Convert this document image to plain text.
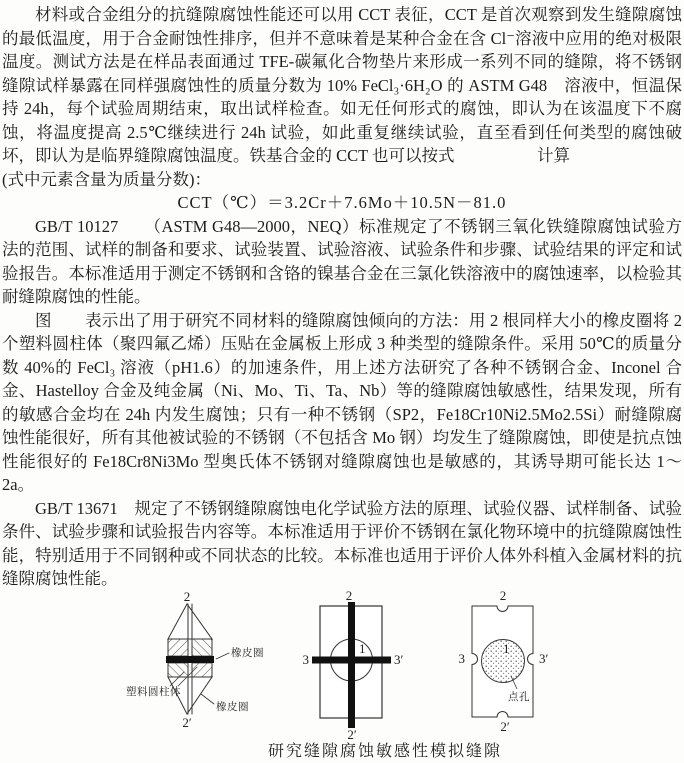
材料或合金组分的抗缝隙腐蚀性能还可以用 CCT 表征，CCT 是首次观察到发生缝隙腐蚀的最低温度，用于合金耐蚀性排序，但并不意味着是某种合金在含 Cl⁻溶液中应用的绝对极限温度。测试方法是在样品表面通过 TFE-碳氟化合物垫片来形成一系列不同的缝隙，将不锈钢缝隙试样暴露在同样强腐蚀性的质量分数为 10% FeCl₃·6H₂O 的 ASTM G48　溶液中，恒温保持 24h，每个试验周期结束，取出试样检查。如无任何形式的腐蚀，即认为在该温度下不腐蚀，将温度提高 2.5℃继续进行 24h 试验，如此重复继续试验，直至看到任何类型的腐蚀破坏，即认为是临界缝隙腐蚀温度。铁基合金的 CCT 也可以按式　　　　　计算

(式中元素含量为质量分数)：

CCT（℃）＝3.2Cr＋7.6Mo＋10.5N－81.0

GB/T 10127　　（ASTM G48—2000，NEQ）标准规定了不锈钢三氧化铁缝隙腐蚀试验方法的范围、试样的制备和要求、试验装置、试验溶液、试验条件和步骤、试验结果的评定和试验报告。本标准适用于测定不锈钢和含铬的镍基合金在三氯化铁溶液中的腐蚀速率，以检验其耐缝隙腐蚀的性能。

图　　表示出了用于研究不同材料的缝隙腐蚀倾向的方法：用 2 根同样大小的橡皮圈将 2 个塑料圆柱体（聚四氟乙烯）压贴在金属板上形成 3 种类型的缝隙条件。采用 50℃的质量分数 40%的 FeCl₃ 溶液（pH1.6）的加速条件，用上述方法研究了各种不锈钢合金、Inconel 合金、Hastelloy 合金及纯金属（Ni、Mo、Ti、Ta、Nb）等的缝隙腐蚀敏感性，结果发现，所有的敏感合金均在 24h 内发生腐蚀；只有一种不锈钢（SP2，Fe18Cr10Ni2.5Mo2.5Si）耐缝隙腐蚀性能很好，所有其他被试验的不锈钢（不包括含 Mo 钢）均发生了缝隙腐蚀，即使是抗点蚀性能很好的 Fe18Cr8Ni3Mo 型奥氏体不锈钢对缝隙腐蚀也是敏感的，其诱导期可能长达 1～2a。

GB/T 13671　规定了不锈钢缝隙腐蚀电化学试验方法的原理、试验仪器、试样制备、试验条件、试验步骤和试验报告内容等。本标准适用于评价不锈钢在氯化物环境中的抗缝隙腐蚀性能，特别适用于不同钢种或不同状态的比较。本标准也适用于评价人体外科植入金属材料的抗缝隙腐蚀性能。

2
2′
橡皮圈
塑料圆柱体
橡皮圈
2
2′
3	3′
1
2
2′
3	3′
1
点孔
研究缝隙腐蚀敏感性模拟缝隙
